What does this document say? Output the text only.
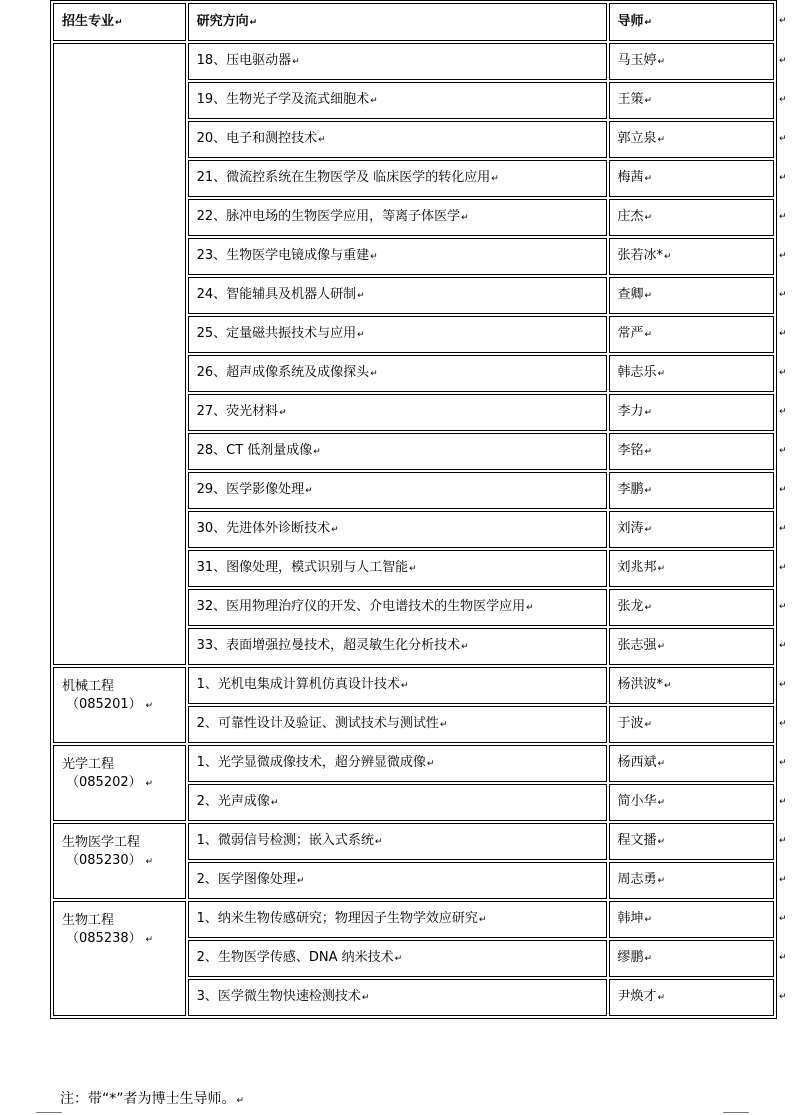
招生专业↵	研究方向↵	导师↵
	18、压电驱动器↵	马玉婷↵
	19、生物光子学及流式细胞术↵	王策↵
	20、电子和测控技术↵	郭立泉↵
	21、微流控系统在生物医学及 临床医学的转化应用↵	梅茜↵
	22、脉冲电场的生物医学应用，等离子体医学↵	庄杰↵
	23、生物医学电镜成像与重建↵	张若冰*↵
	24、智能辅具及机器人研制↵	查卿↵
	25、定量磁共振技术与应用↵	常严↵
	26、超声成像系统及成像探头↵	韩志乐↵
	27、荧光材料↵	李力↵
	28、CT 低剂量成像↵	李铭↵
	29、医学影像处理↵	李鹏↵
	30、先进体外诊断技术↵	刘涛↵
	31、图像处理，模式识别与人工智能↵	刘兆邦↵
	32、医用物理治疗仪的开发、介电谱技术的生物医学应用↵	张龙↵
	33、表面增强拉曼技术，超灵敏生化分析技术↵	张志强↵

机械工程
（085201） ↵	1、光机电集成计算机仿真设计技术↵	杨洪波*↵
	2、可靠性设计及验证、测试技术与测试性↵	于波↵

光学工程
（085202） ↵	1、光学显微成像技术，超分辨显微成像↵	杨西斌↵
	2、光声成像↵	简小华↵

生物医学工程
（085230） ↵	1、微弱信号检测；嵌入式系统↵	程文播↵
	2、医学图像处理↵	周志勇↵

生物工程
（085238） ↵	1、纳米生物传感研究；物理因子生物学效应研究↵	韩坤↵
	2、生物医学传感、DNA 纳米技术↵	缪鹏↵
	3、医学微生物快速检测技术↵	尹焕才↵
↵
↵
↵
↵
↵
↵
↵
↵
↵
↵
↵
↵
↵
↵
↵
↵
↵
↵
↵
↵
↵
↵
↵
↵
↵
↵
注：带“*”者为博士生导师。↵
